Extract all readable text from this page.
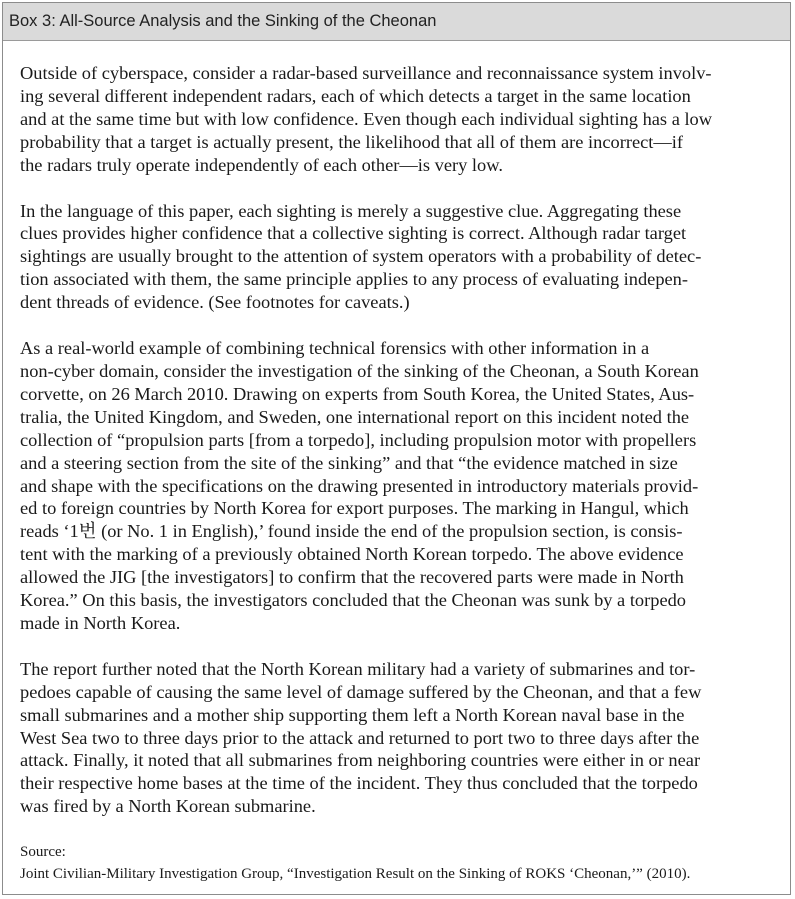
Box 3: All-Source Analysis and the Sinking of the Cheonan

Outside of cyberspace, consider a radar-based surveillance and reconnaissance system involv-
ing several different independent radars, each of which detects a target in the same location
and at the same time but with low confidence. Even though each individual sighting has a low
probability that a target is actually present, the likelihood that all of them are incorrect—if
the radars truly operate independently of each other—is very low.

In the language of this paper, each sighting is merely a suggestive clue. Aggregating these
clues provides higher confidence that a collective sighting is correct. Although radar target
sightings are usually brought to the attention of system operators with a probability of detec-
tion associated with them, the same principle applies to any process of evaluating indepen-
dent threads of evidence. (See footnotes for caveats.)

As a real-world example of combining technical forensics with other information in a
non-cyber domain, consider the investigation of the sinking of the Cheonan, a South Korean
corvette, on 26 March 2010. Drawing on experts from South Korea, the United States, Aus-
tralia, the United Kingdom, and Sweden, one international report on this incident noted the
collection of “propulsion parts [from a torpedo], including propulsion motor with propellers
and a steering section from the site of the sinking” and that “the evidence matched in size
and shape with the specifications on the drawing presented in introductory materials provid-
ed to foreign countries by North Korea for export purposes. The marking in Hangul, which
reads ‘1번 (or No. 1 in English),’ found inside the end of the propulsion section, is consis-
tent with the marking of a previously obtained North Korean torpedo. The above evidence
allowed the JIG [the investigators] to confirm that the recovered parts were made in North
Korea.” On this basis, the investigators concluded that the Cheonan was sunk by a torpedo
made in North Korea.

The report further noted that the North Korean military had a variety of submarines and tor-
pedoes capable of causing the same level of damage suffered by the Cheonan, and that a few
small submarines and a mother ship supporting them left a North Korean naval base in the
West Sea two to three days prior to the attack and returned to port two to three days after the
attack. Finally, it noted that all submarines from neighboring countries were either in or near
their respective home bases at the time of the incident. They thus concluded that the torpedo
was fired by a North Korean submarine.

Source:
Joint Civilian-Military Investigation Group, “Investigation Result on the Sinking of ROKS ‘Cheonan,’” (2010).
